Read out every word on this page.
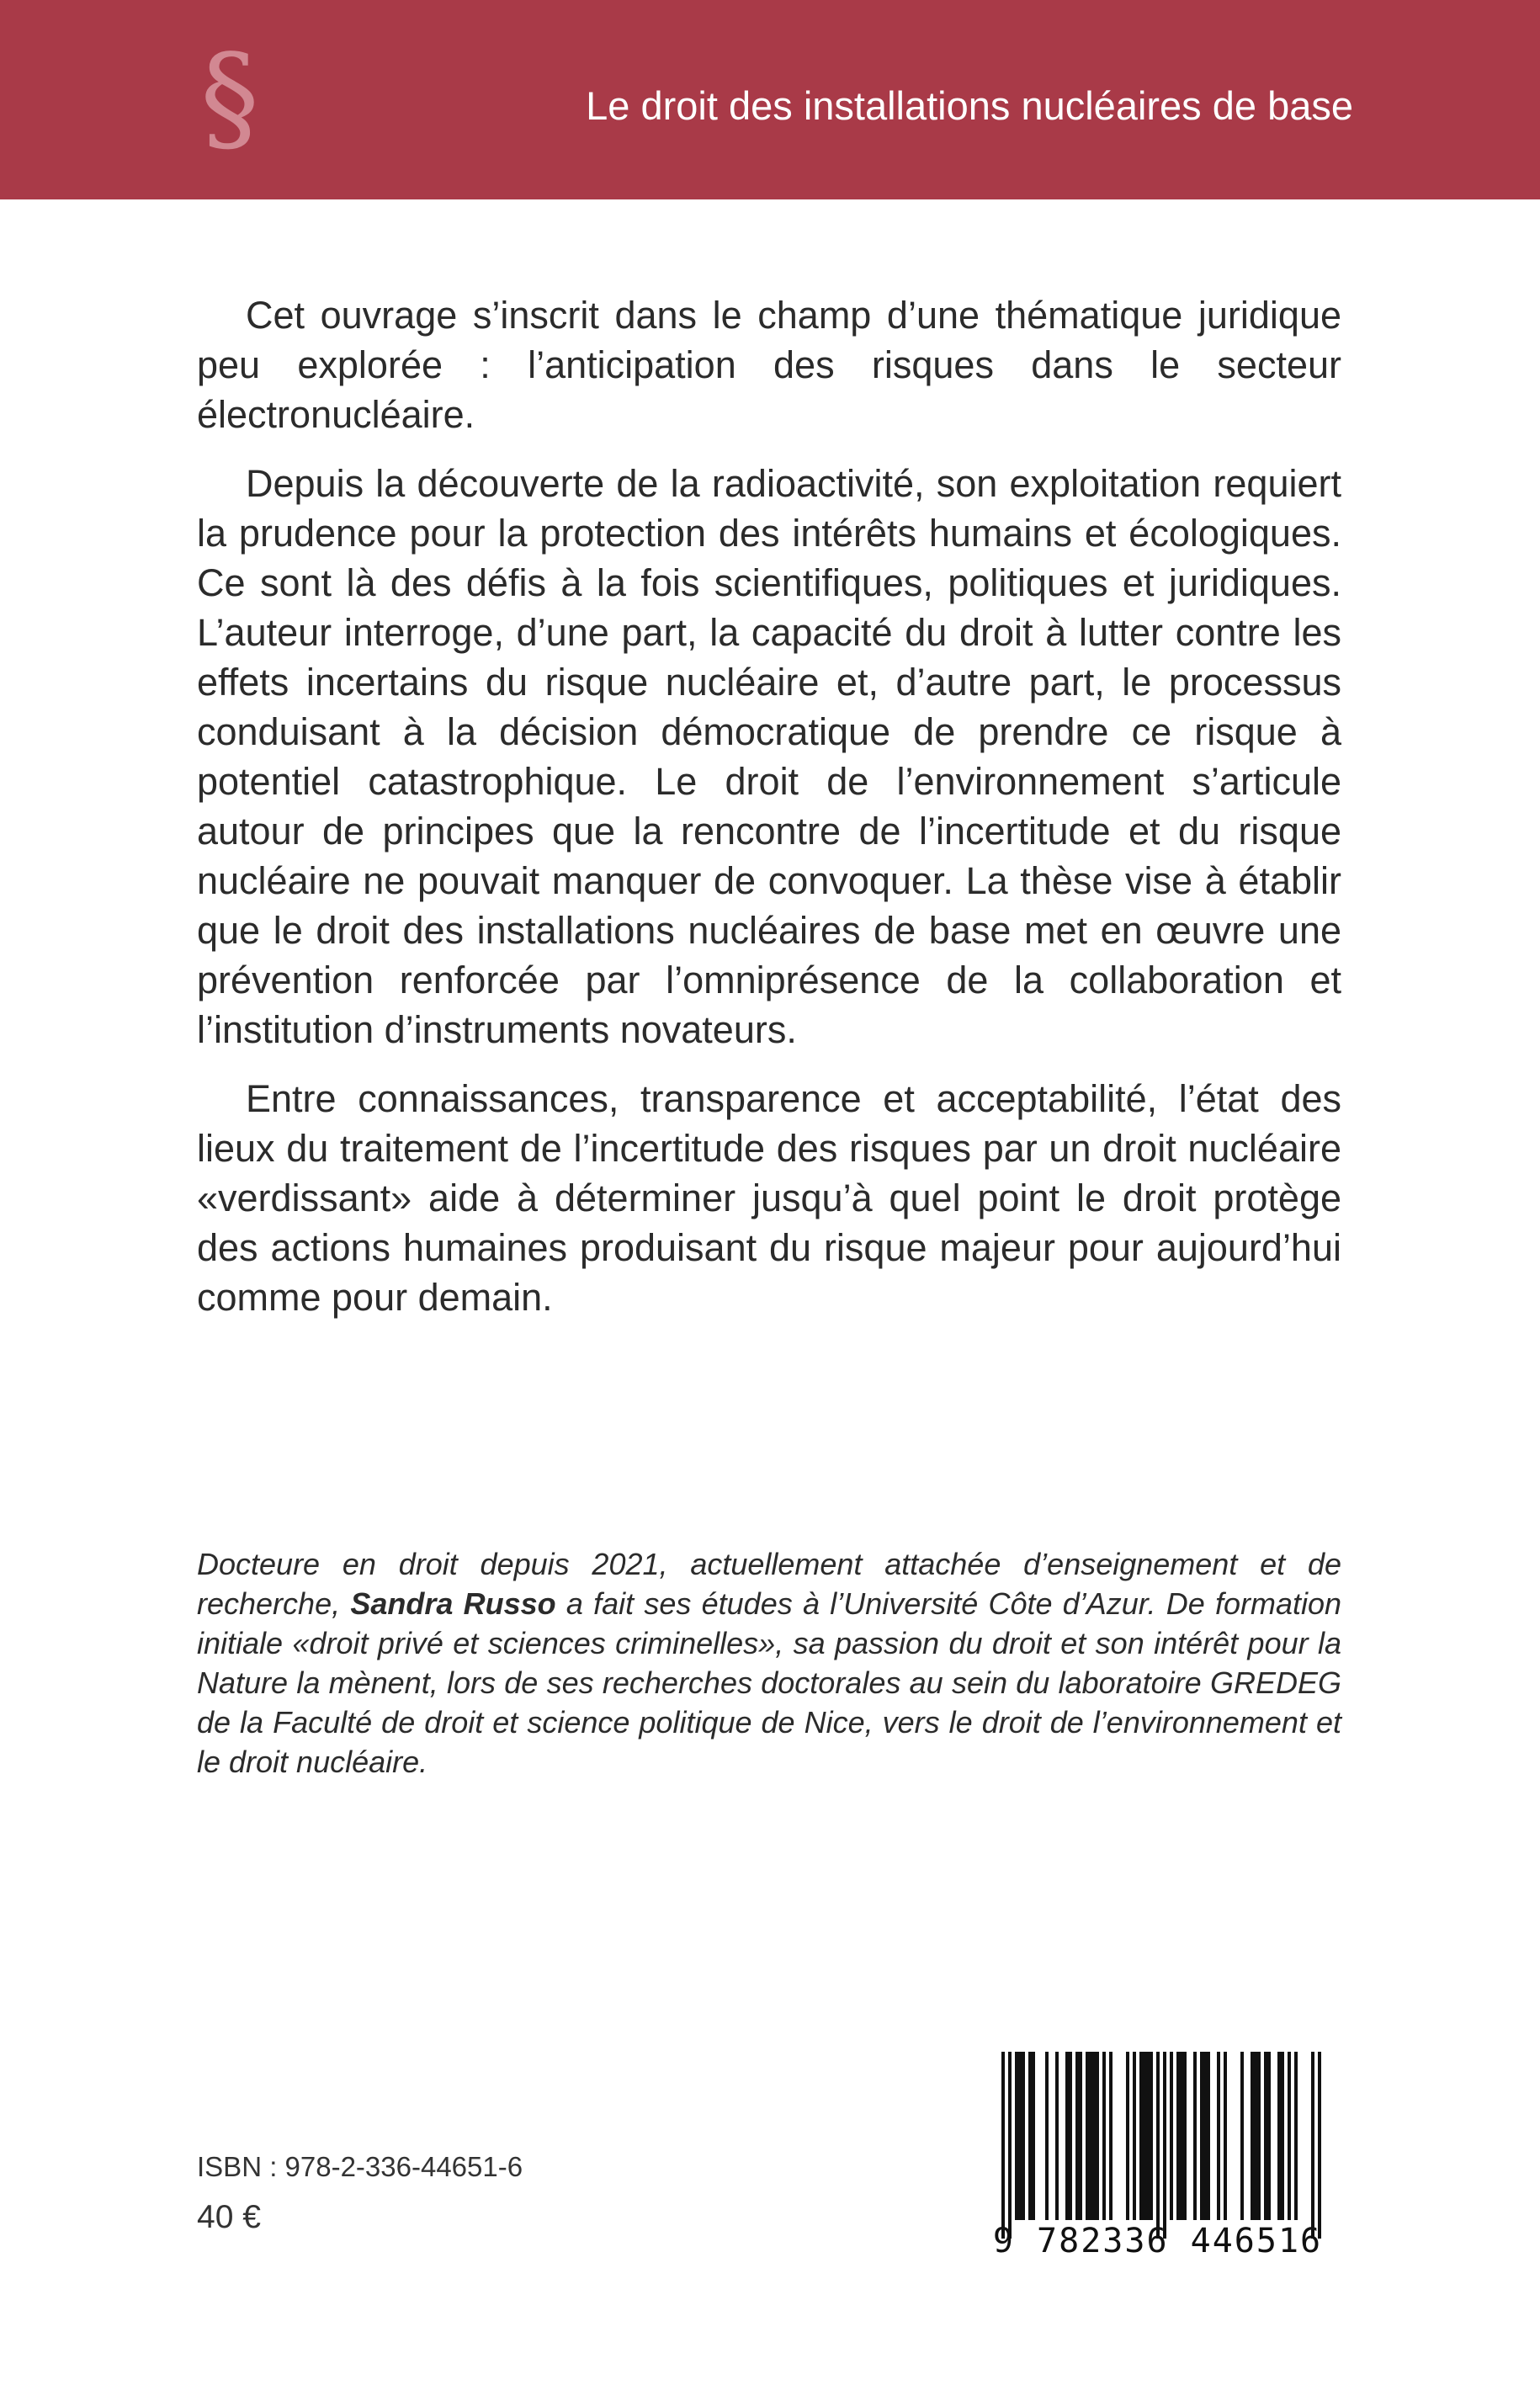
§	Le droit des installations nucléaires de base

Cet ouvrage s’inscrit dans le champ d’une thématique juridique peu explorée : l’anticipation des risques dans le secteur électronucléaire.

Depuis la découverte de la radioactivité, son exploitation requiert la prudence pour la protection des intérêts humains et écologiques. Ce sont là des défis à la fois scientifiques, politiques et juridiques. L’auteur interroge, d’une part, la capacité du droit à lutter contre les effets incertains du risque nucléaire et, d’autre part, le processus conduisant à la décision démocratique de prendre ce risque à potentiel catastrophique. Le droit de l’environnement s’articule autour de principes que la rencontre de l’incertitude et du risque nucléaire ne pouvait manquer de convoquer. La thèse vise à établir que le droit des installations nucléaires de base met en œuvre une prévention renforcée par l’omniprésence de la collaboration et l’institution d’instruments novateurs.

Entre connaissances, transparence et acceptabilité, l’état des lieux du traitement de l’incertitude des risques par un droit nucléaire «verdissant» aide à déterminer jusqu’à quel point le droit protège des actions humaines produisant du risque majeur pour aujourd’hui comme pour demain.

Docteure en droit depuis 2021, actuellement attachée d’enseignement et de recherche, Sandra Russo a fait ses études à l’Université Côte d’Azur. De formation initiale «droit privé et sciences criminelles», sa passion du droit et son intérêt pour la Nature la mènent, lors de ses recherches doctorales au sein du laboratoire GREDEG de la Faculté de droit et science politique de Nice, vers le droit de l’environnement et le droit nucléaire.
ISBN : 978-2-336-44651-6
40 €
9 782336 446516
